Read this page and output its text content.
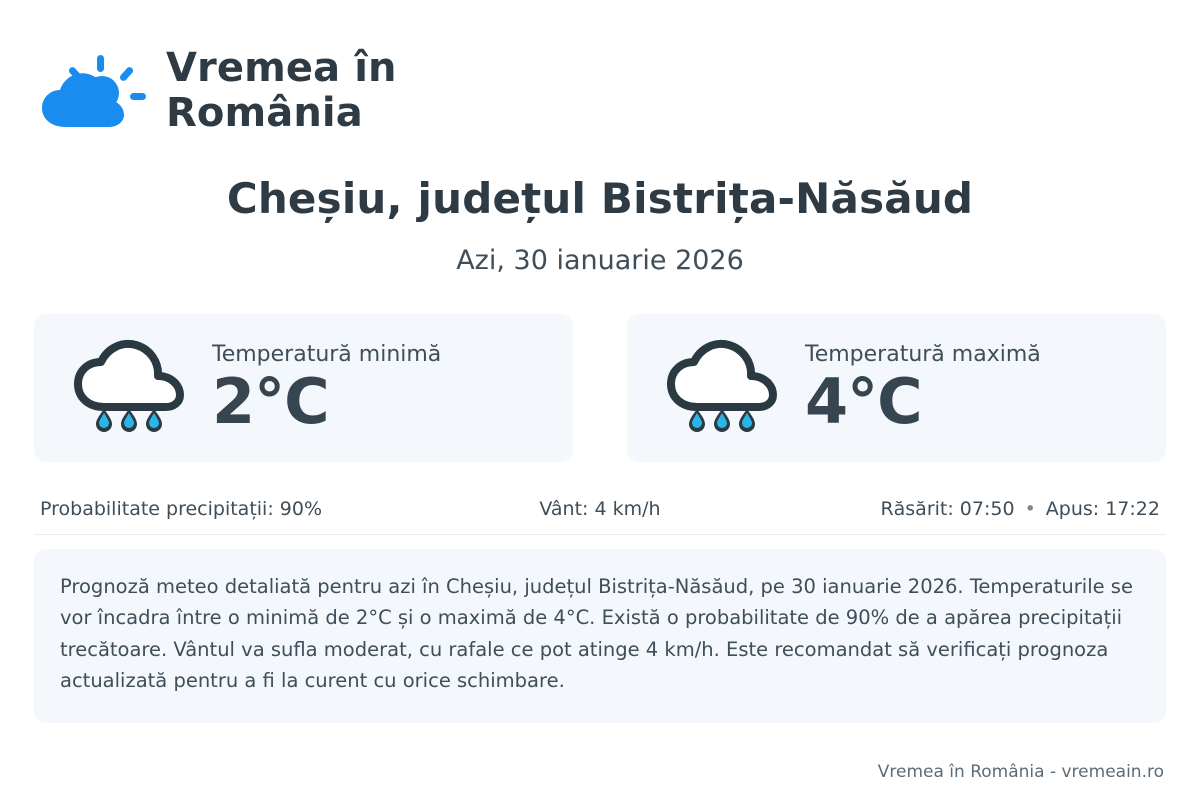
Vremea în România
Cheșiu, județul Bistrița-Năsăud
Azi, 30 ianuarie 2026
Temperatură minimă
2°C
Temperatură maximă
4°C
Probabilitate precipitații: 90%	Vânt: 4 km/h	Răsărit: 07:50 • Apus: 17:22
Prognoză meteo detaliată pentru azi în Cheșiu, județul Bistrița-Năsăud, pe 30 ianuarie 2026. Temperaturile se vor încadra între o minimă de 2°C și o maximă de 4°C. Există o probabilitate de 90% de a apărea precipitații trecătoare. Vântul va sufla moderat, cu rafale ce pot atinge 4 km/h. Este recomandat să verificați prognoza actualizată pentru a fi la curent cu orice schimbare.
Vremea în România - vremeain.ro
